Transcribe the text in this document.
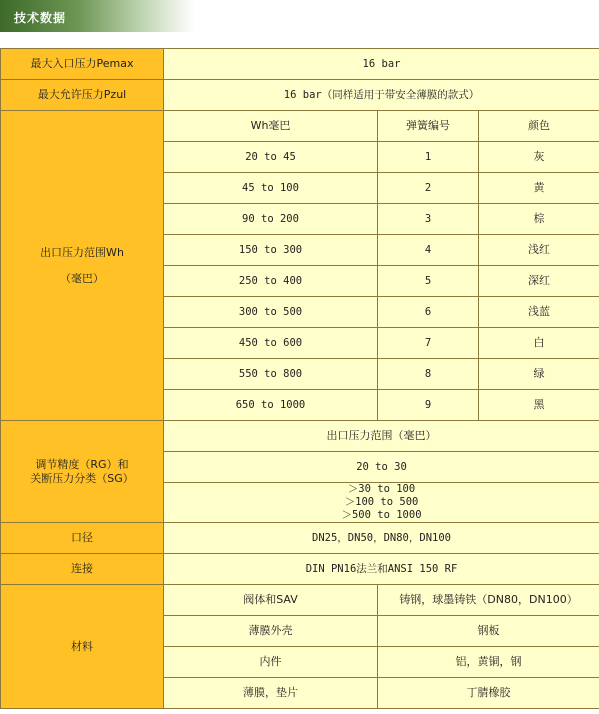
技术数据
最大入口压力Pemax	16 bar		
最大允许压力Pzul	16 bar（同样适用于带安全薄膜的款式）		

出口压力范围Wh
（毫巴）	Wh毫巴	弹簧编号	颜色
	20 to 45	1	灰
	45 to 100	2	黄
	90 to 200	3	棕
	150 to 300	4	浅红
	250 to 400	5	深红
	300 to 500	6	浅蓝
	450 to 600	7	白
	550 to 800	8	绿
	650 to 1000	9	黑

调节精度（RG）和
关断压力分类（SG）	出口压力范围（毫巴）		
	20 to 30		

	＞30 to 100
＞100 to 500
＞500 to 1000		

口径	DN25，DN50，DN80，DN100		
连接	DIN PN16法兰和ANSI 150 RF		
材料	阀体和SAV	铸钢，球墨铸铁（DN80，DN100）	
	薄膜外壳	钢板	
	内件	铝，黄铜，钢	
	薄膜，垫片	丁腈橡胶	
